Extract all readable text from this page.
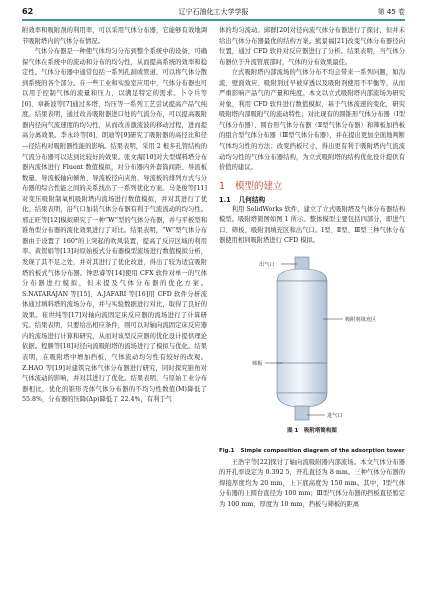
62	辽宁石油化工大学学报	第 45 卷

附效率和吸附剂的利用率，可以采用气体分布器，它能够有效地调节吸附塔内的气体分布情况。

气体分布器是一种使气体均匀分布到整个系统中的设备，可确保气体在系统中的流动和分布的均匀性，从而提高系统的效率和稳定性。气体分布器中通常包括一系列孔洞或管道，可以将气体分散到系统的各个部分。在一些工业和实验室应用中，气体分布器也可以用于控制气体的流量和压力，以满足特定的需求。卜令兵等[6]、章新波等[7]通过多塔、均压等一系列工艺尝试提高产品气纯度。结果表明，通过改善吸附器进口处的气流分布，可以提高吸附器内径向气流速度的均匀性，从而改善激流波的移动过程，进而提高分离效果。李永玲等[8]、朗迪等[9]研究了吸附器的高径比和径—径结构对吸附器性能的影响。结果表明，采用 2 根多孔管结构的气流分布器可以达到比较好的效果。张文海[10]对大型煤料塔分布器内流体进行 Fluent 数值模拟，对分布器内外套筒间距、导流板数量、导流板轴向倾角、导流板径向夹角、导流板的排列方式与分布器的综合性能之间的关系找出了一系列优化方案。马尧俊等[11]对变压吸附制氧机吸附塔内流场进行数值模拟，并对其进行了优化。结果表明，沿气口加装气体分布器有利于气流流动的均匀性。邢正旺等[12]模拟研究了一种“W”型的气体分布器，并与平板型和锥角型分布器的流化效果进行了对比。结果表明，“W”型气体分布器由于设置了 160°的上突起的吹风装置，提高了反应区域的利用率。黄贺娟等[13]对原始板式分布器模型流场进行数值模拟分析，发现了其不足之处，并对其进行了优化改进，得出了较为适宜吸附塔的板式气体分布器。钟思睿等[14]使用 CFX 软件对单一的气体分布器进行模拟，但未提及气体分布器的优化方案。S.NATARAJAN 等[15]、A.JAFARI 等[16]用 CFD 软件分析流体通过填料塔的流场分布，并与实验数据进行对比，取得了良好的效果。崔世纯等[17]对轴向流固定床反应器的流场进行了计算研究。结果表明，只要给出相应条件，则可以对轴向流固定床反应器内的流场进行计算和研究，从而对该型反应器的优化设计提供理论依据。程勝等[18]对径向流吸附塔的流场进行了模拟与优化。结果表明，在吸附塔中增加挡板，气体流动均匀性有较好的改观。Z.HAO 等[19]对建筑完体气体分布器进行研究，同时探究锥角对气体流动的影响，并对其进行了优化。结果表明，与原始工业分布器相比，优化的锥形壳体气体分布器的不均匀性数值(M)降低了 55.8%，分布器的压降(Δp)降低了 22.4%，有利于气

体的均匀流动。邱群[20]对径向流气体分布器进行了探讨，但并未给出气体分布器最优的结构方案。熊景福[21]改变气体分布器径向位置，通过 CFD 软件对反应器进行了分析。结果表明，当气体分布器位于升流管底部时，气体的分布效果最佳。

立式吸附塔内部流场的气体分布不均会带来一系列问题，如沟流、壁面效应、吸附剂过早被穿透以及吸附剂使用不平衡等，从而严重影响产品气的产量和纯度。本文以立式吸附塔内部流场为研究对象，利用 CFD 软件进行数值模拟，基于气体流速的变化，研究吸附塔内部吸附气的流动特性；对比现有的圆锥形气体分布器（Ⅰ型气体分布器）、圆台形气体分布器（Ⅱ型气体分布器）和筛板加挡板的组合型气体分布器（Ⅲ型气体分布器），并在提出更加全面地判断气体均匀性的方法；改变挡板尺寸，得出更有利于吸附塔内气流流动均匀性的气体分布器结构，为立式吸附塔的结构优化设计提供有价值的建议。

1 模型的建立
1.1 几何结构

利用 SolidWorks 软件，建立了立式吸附塔及气体分布器结构模型。吸附塔简图如图 1 所示。整体模型主要包括四部分，即进气口、筛板、吸附剂填充区和出气口。Ⅰ型、Ⅱ型、Ⅲ型三种气体分布器使用相同吸附塔进行 CFD 模拟。

出气口
吸附剂填充区
筛板
进气口
图 1　吸附塔简构图
Fig.1 Simple composition diagram of the adsorption tower

王浩宇等[22]探讨了轴向流吸附器内部流场。本文气体分布器的开孔率设定为 0.392 5，开孔直径为 8 mm。三种气体分布器的焊接厚度均为 20 mm，上下底高度为 150 mm。其中，Ⅰ型气体分布器的上圆台直径为 100 mm；Ⅲ型气体分布器的挡板直径暂定为 100 mm，厚度为 10 mm，挡板与筛板的距离
